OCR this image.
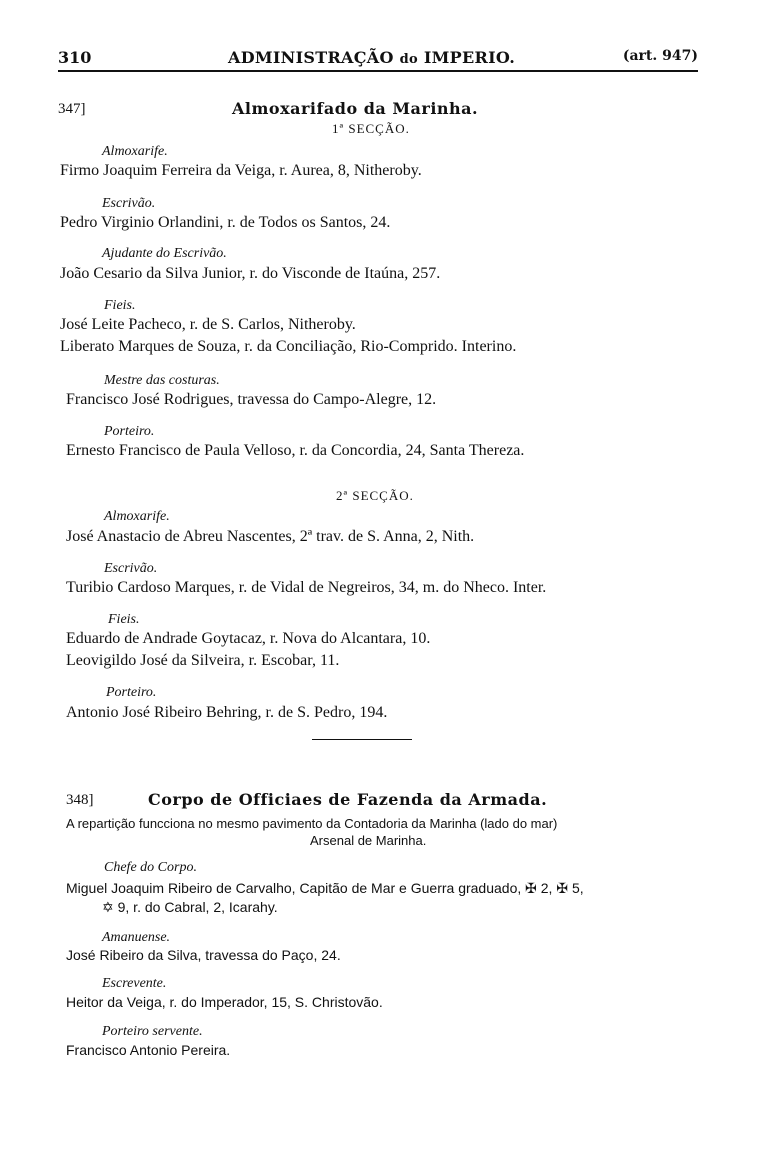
310	ADMINISTRAÇÃO do IMPERIO.	(art. 947)
347]	Almoxarifado da Marinha.
1ª SECÇÃO.
Almoxarife.
Firmo Joaquim Ferreira da Veiga, r. Aurea, 8, Nitheroby.
Escrivão.
Pedro Virginio Orlandini, r. de Todos os Santos, 24.
Ajudante do Escrivão.
João Cesario da Silva Junior, r. do Visconde de Itaúna, 257.
Fieis.
José Leite Pacheco, r. de S. Carlos, Nitheroby.
Liberato Marques de Souza, r. da Conciliação, Rio-Comprido. Interino.
Mestre das costuras.
Francisco José Rodrigues, travessa do Campo-Alegre, 12.
Porteiro.
Ernesto Francisco de Paula Velloso, r. da Concordia, 24, Santa Thereza.
2ª SECÇÃO.
Almoxarife.
José Anastacio de Abreu Nascentes, 2ª trav. de S. Anna, 2, Nith.
Escrivão.
Turibio Cardoso Marques, r. de Vidal de Negreiros, 34, m. do Nheco. Inter.
Fieis.
Eduardo de Andrade Goytacaz, r. Nova do Alcantara, 10.
Leovigildo José da Silveira, r. Escobar, 11.
Porteiro.
Antonio José Ribeiro Behring, r. de S. Pedro, 194.
348]	Corpo de Officiaes de Fazenda da Armada.
A repartição funcciona no mesmo pavimento da Contadoria da Marinha (lado do mar)
Arsenal de Marinha.
Chefe do Corpo.
Miguel Joaquim Ribeiro de Carvalho, Capitão de Mar e Guerra graduado, ✠ 2, ✠ 5,
✡ 9, r. do Cabral, 2, Icarahy.
Amanuense.
José Ribeiro da Silva, travessa do Paço, 24.
Escrevente.
Heitor da Veiga, r. do Imperador, 15, S. Christovão.
Porteiro servente.
Francisco Antonio Pereira.
